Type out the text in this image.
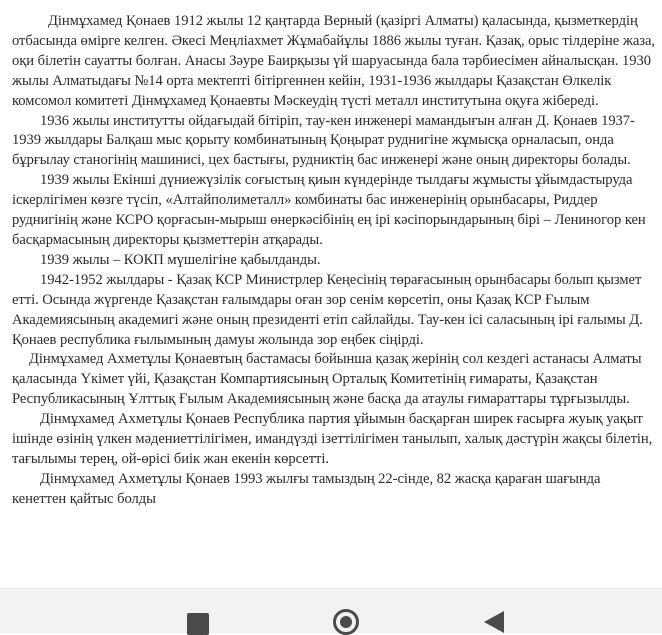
Дінмұхамед Қонаев 1912 жылы 12 қаңтарда Верный (қазіргі Алматы) қаласында, қызметкердің отбасында өмірге келген. Әкесі Меңліахмет Жұмабайұлы 1886 жылы туған. Қазақ, орыс тілдеріне жаза, оқи білетін сауатты болған. Анасы Зәуре Баирқызы үй шаруасында бала тәрбиесімен айналысқан. 1930 жылы Алматыдағы №14 орта мектепті бітіргеннен кейін, 1931-1936 жылдары Қазақстан Өлкелік комсомол комитеті Дінмұхамед Қонаевты Мәскеудің түсті металл институтына оқуға жібереді.

1936 жылы институтты ойдағыдай бітіріп, тау-кен инженері мамандығын алған Д. Қонаев 1937-1939 жылдары Балқаш мыс қорыту комбинатының Қоңырат руднигіне жұмысқа орналасып, онда бұрғылау станогінің машинисі, цех бастығы, рудниктің бас инженері және оның директоры болады.

1939 жылы Екінші дүниежүзілік соғыстың қиын күндерінде тылдағы жұмысты ұйымдастыруда іскерлігімен көзге түсіп, «Алтайполиметалл» комбинаты бас инженерінің орынбасары, Риддер руднигінің және КСРО қорғасын-мырыш өнеркәсібінің ең ірі кәсіпорындарының бірі – Лениногор кен басқармасының директоры қызметтерін атқарады.

1939 жылы – КОКП мүшелігіне қабылданды.

1942-1952 жылдары - Қазақ КСР Министрлер Кеңесінің төрағасының орынбасары болып қызмет етті. Осында жүргенде Қазақстан ғалымдары оған зор сенім көрсетіп, оны Қазақ КСР Ғылым Академиясының академигі және оның президенті етіп сайлайды. Тау-кен ісі саласының ірі ғалымы Д. Қонаев республика ғылымының дамуы жолында зор еңбек сіңірді.

Дінмұхамед Ахметұлы Қонаевтың бастамасы бойынша қазақ жерінің сол кездегі астанасы Алматы қаласында Үкімет үйі, Қазақстан Компартиясының Орталық Комитетінің ғимараты, Қазақстан Республикасының Ұлттық Ғылым Академиясының және басқа да атаулы ғимараттары тұрғызылды.

Дінмұхамед Ахметұлы Қонаев Республика партия ұйымын басқарған ширек ғасырға жуық уақыт ішінде өзінің үлкен мәдениеттілігімен, имандүзді ізеттілігімен танылып, халық дәстүрін жақсы білетін, тағылымы терең, ой-өрісі биік жан екенін көрсетті.

Дінмұхамед Ахметұлы Қонаев 1993 жылғы тамыздың 22-сінде, 82 жасқа қараған шағында кенеттен қайтыс болды
